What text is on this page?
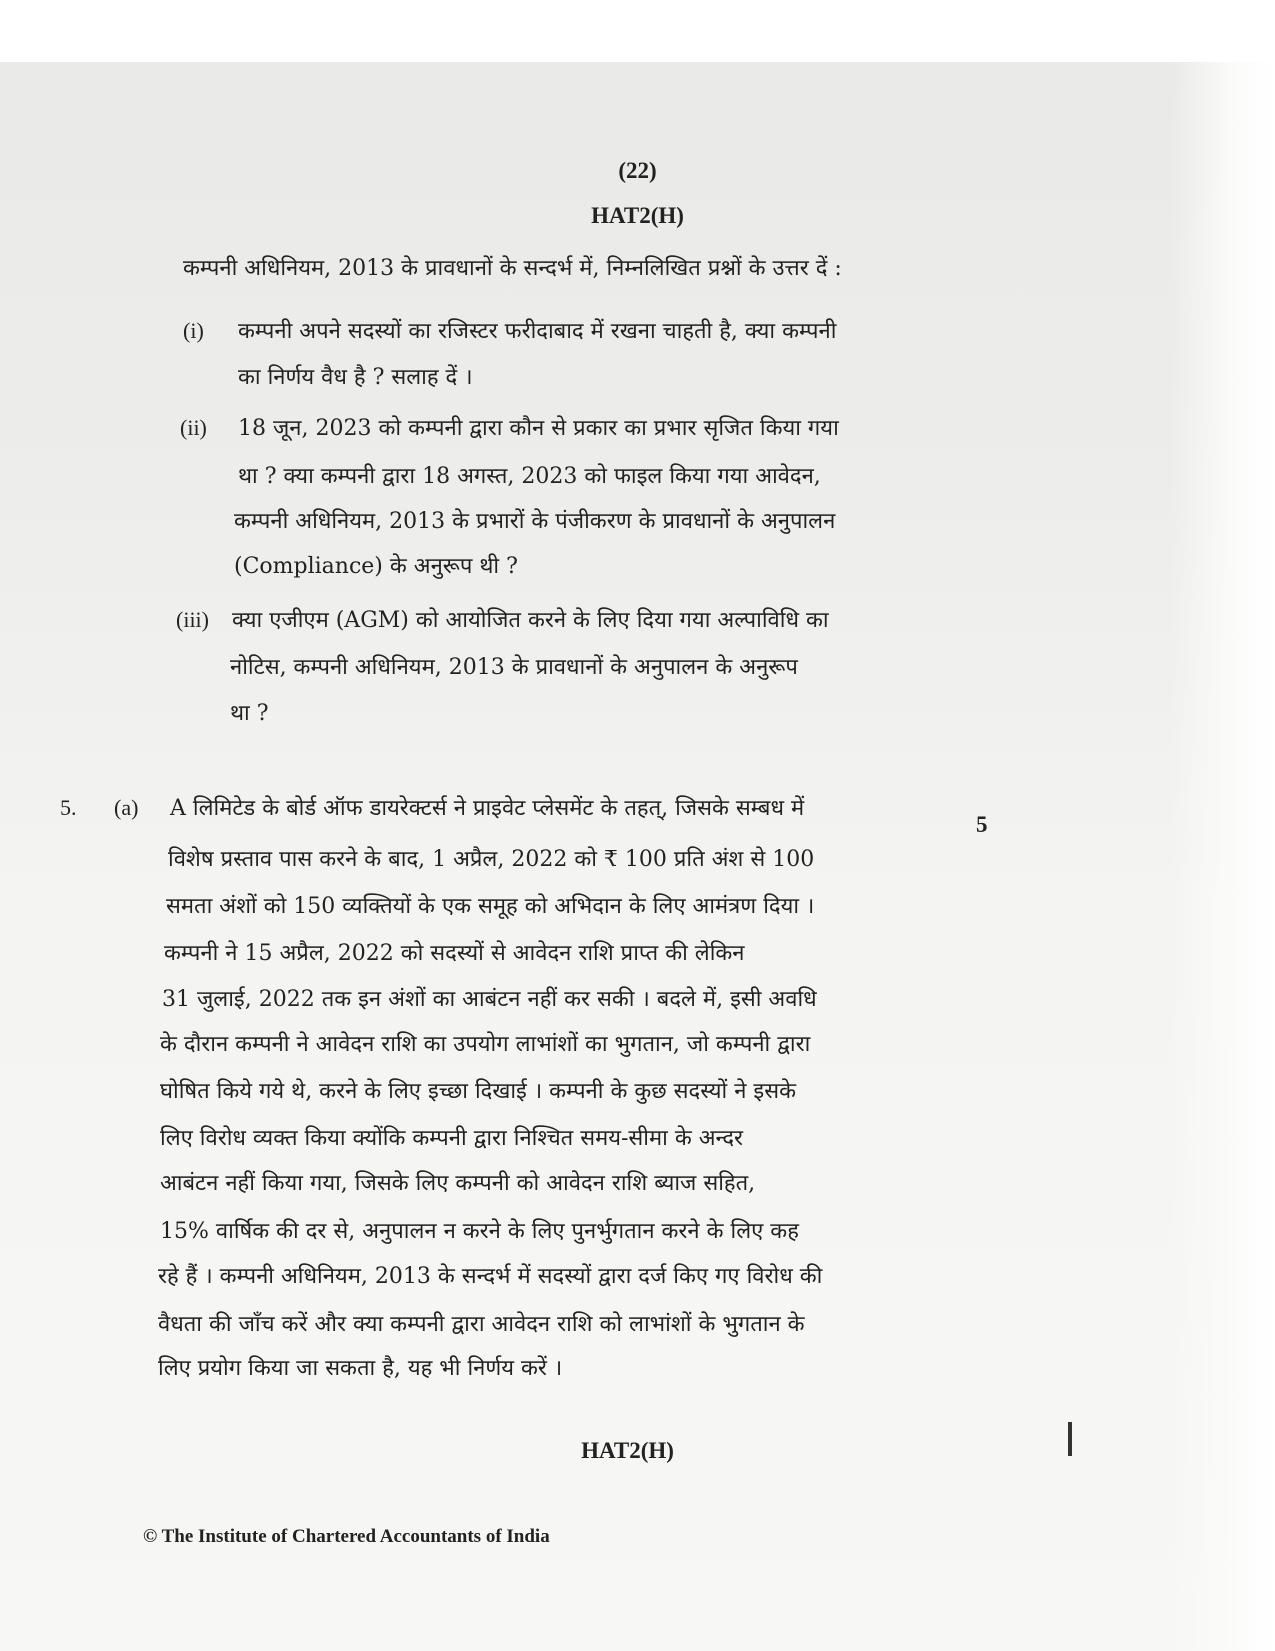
(22)
HAT2(H)
कम्पनी अधिनियम, 2013 के प्रावधानों के सन्दर्भ में, निम्नलिखित प्रश्नों के उत्तर दें :
(i) कम्पनी अपने सदस्यों का रजिस्टर फरीदाबाद में रखना चाहती है, क्या कम्पनी
का निर्णय वैध है ? सलाह दें ।
(ii) 18 जून, 2023 को कम्पनी द्वारा कौन से प्रकार का प्रभार सृजित किया गया
था ? क्या कम्पनी द्वारा 18 अगस्त, 2023 को फाइल किया गया आवेदन,
कम्पनी अधिनियम, 2013 के प्रभारों के पंजीकरण के प्रावधानों के अनुपालन
(Compliance) के अनुरूप थी ?
(iii) क्या एजीएम (AGM) को आयोजित करने के लिए दिया गया अल्पाविधि का
नोटिस, कम्पनी अधिनियम, 2013 के प्रावधानों के अनुपालन के अनुरूप
था ?
5. (a)
5
A लिमिटेड के बोर्ड ऑफ डायरेक्टर्स ने प्राइवेट प्लेसमेंट के तहत्, जिसके सम्बध में
विशेष प्रस्ताव पास करने के बाद, 1 अप्रैल, 2022 को ₹ 100 प्रति अंश से 100
समता अंशों को 150 व्यक्तियों के एक समूह को अभिदान के लिए आमंत्रण दिया ।
कम्पनी ने 15 अप्रैल, 2022 को सदस्यों से आवेदन राशि प्राप्त की लेकिन
31 जुलाई, 2022 तक इन अंशों का आबंटन नहीं कर सकी । बदले में, इसी अवधि
के दौरान कम्पनी ने आवेदन राशि का उपयोग लाभांशों का भुगतान, जो कम्पनी द्वारा
घोषित किये गये थे, करने के लिए इच्छा दिखाई । कम्पनी के कुछ सदस्यों ने इसके
लिए विरोध व्यक्त किया क्योंकि कम्पनी द्वारा निश्चित समय-सीमा के अन्दर
आबंटन नहीं किया गया, जिसके लिए कम्पनी को आवेदन राशि ब्याज सहित,
15% वार्षिक की दर से, अनुपालन न करने के लिए पुनर्भुगतान करने के लिए कह
रहे हैं । कम्पनी अधिनियम, 2013 के सन्दर्भ में सदस्यों द्वारा दर्ज किए गए विरोध की
वैधता की जाँच करें और क्या कम्पनी द्वारा आवेदन राशि को लाभांशों के भुगतान के
लिए प्रयोग किया जा सकता है, यह भी निर्णय करें ।
HAT2(H)
© The Institute of Chartered Accountants of India
